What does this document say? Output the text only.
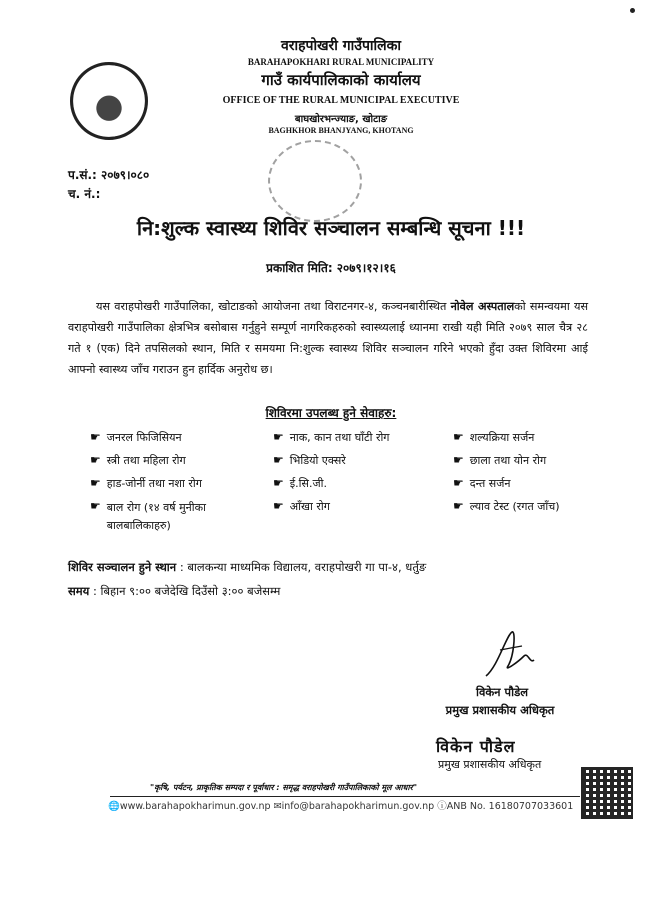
वराहपोखरी गाउँपालिका
BARAHAPOKHARI RURAL MUNICIPALITY
गाउँ कार्यपालिकाको कार्यालय
OFFICE OF THE RURAL MUNICIPAL EXECUTIVE
बाघखोरभन्ज्याङ, खोटाङ
BAGHKHOR BHANJYANG, KHOTANG

प.सं.: २०७९।०८०
च. नं.:
नि:शुल्क स्वास्थ्य शिविर सञ्चालन सम्बन्धि सूचना !!!
प्रकाशित मिति: २०७९।१२।१६
यस वराहपोखरी गाउँपालिका, खोटाङको आयोजना तथा विराटनगर-४, कञ्चनबारीस्थित नोवेल अस्पतालको समन्वयमा यस वराहपोखरी गाउँपालिका क्षेत्रभित्र बसोबास गर्नुहुने सम्पूर्ण नागरिकहरुको स्वास्थ्यलाई ध्यानमा राखी यही मिति २०७९ साल चैत्र २८ गते १ (एक) दिने तपसिलको स्थान, मिति र समयमा नि:शुल्क स्वास्थ्य शिविर सञ्चालन गरिने भएको हुँदा उक्त शिविरमा आई आफ्नो स्वास्थ्य जाँच गराउन हुन हार्दिक अनुरोध छ।
शिविरमा उपलब्ध हुने सेवाहरु:
☛ जनरल फिजिसियन
☛ स्त्री तथा महिला रोग
☛ हाड-जोर्नी तथा नशा रोग
☛ बाल रोग (१४ वर्ष मुनीका बालबालिकाहरु)
☛ नाक, कान तथा घाँटी रोग
☛ भिडियो एक्सरे
☛ ई.सि.जी.
☛ आँखा रोग
☛ शल्यक्रिया सर्जन
☛ छाला तथा योन रोग
☛ दन्त सर्जन
☛ ल्याव टेस्ट (रगत जाँच)
शिविर सञ्चालन हुने स्थान : बालकन्या माध्यमिक विद्यालय, वराहपोखरी गा पा-४, धर्तुङ
समय : बिहान ९:०० बजेदेखि दिउँसो ३:०० बजेसम्म
विकेन पौडेल
प्रमुख प्रशासकीय अधिकृत
विकेन पौडेल
प्रमुख प्रशासकीय अधिकृत
"कृषि, पर्यटन, प्राकृतिक सम्पदा र पूर्वाधार : समृद्ध वराहपोखरी गाउँपालिकाको मूल आधार"
🌐www.barahapokharimun.gov.np ✉info@barahapokharimun.gov.np ⓘANB No. 16180707033601
